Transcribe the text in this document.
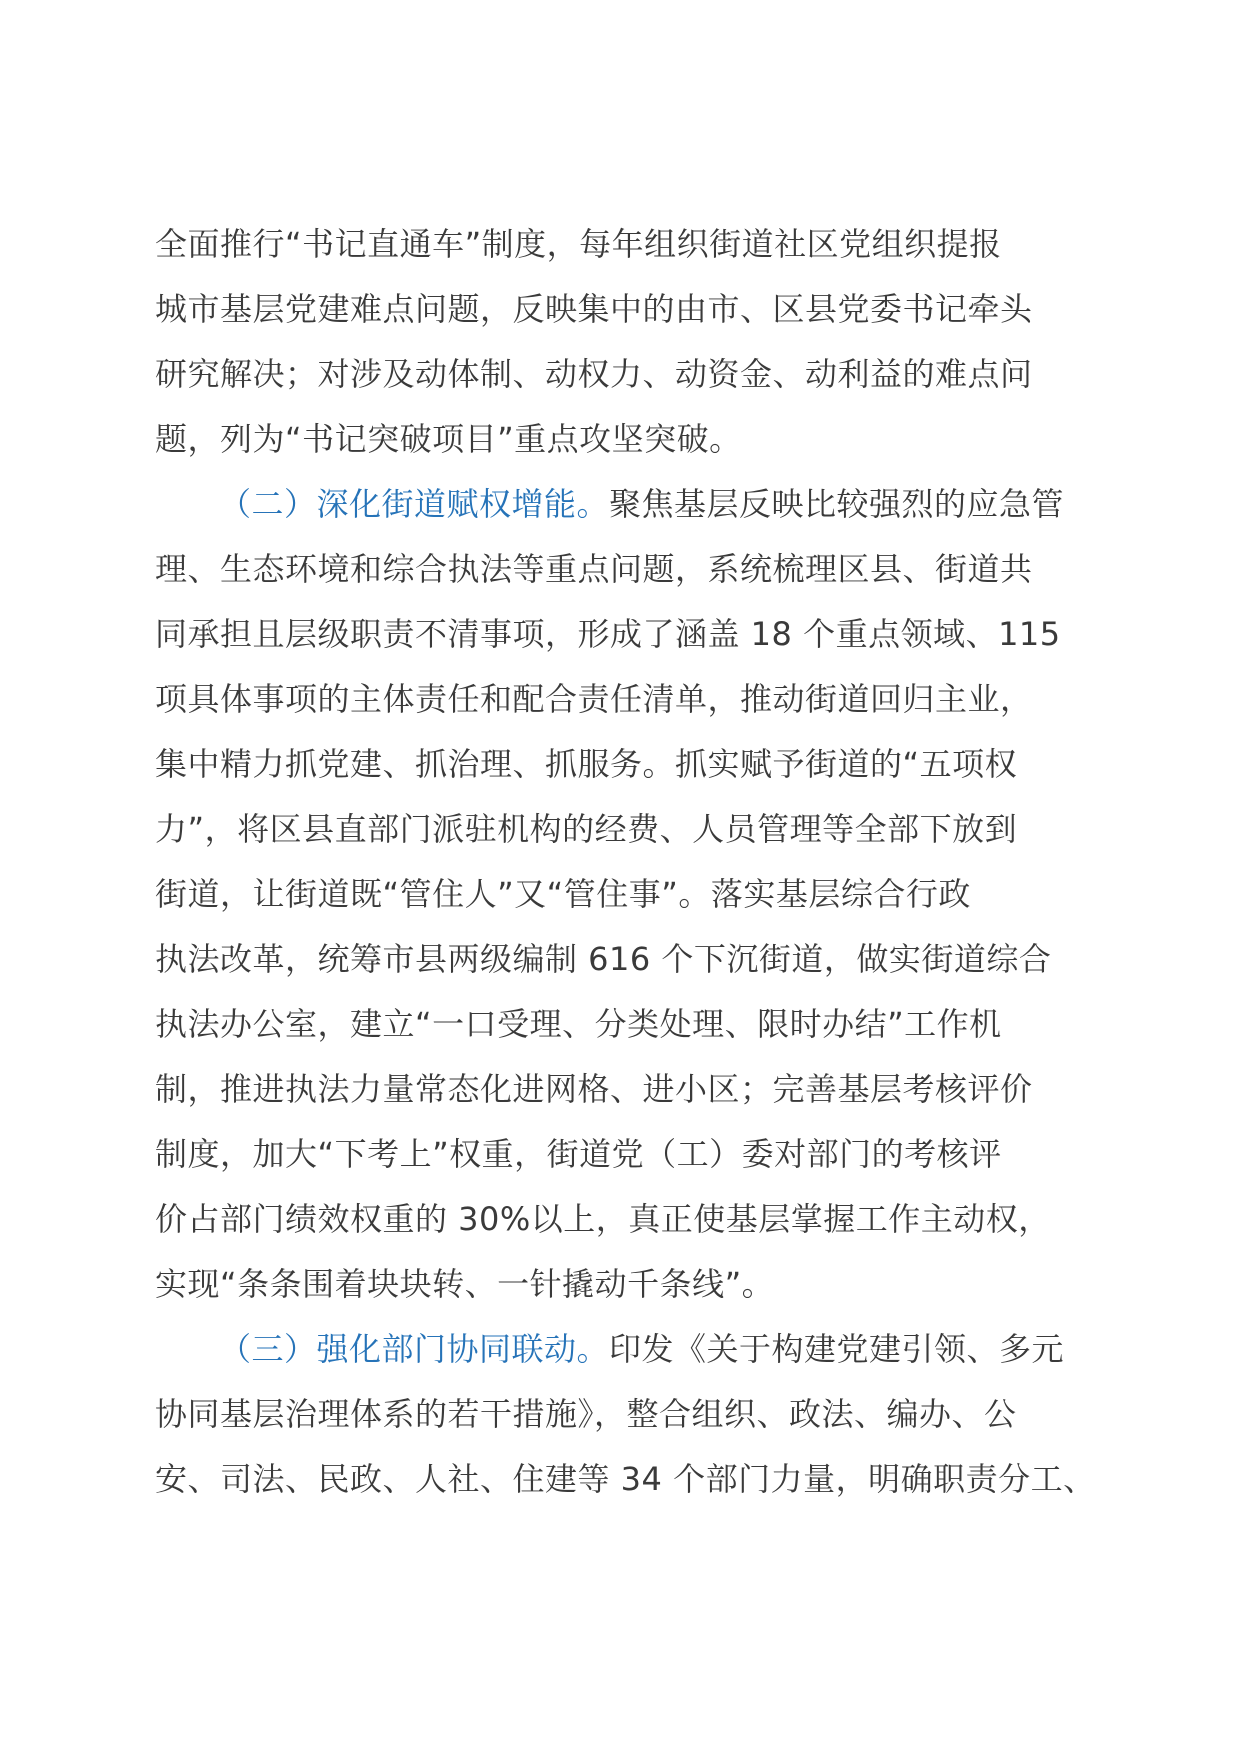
全面推行“书记直通车”制度，每年组织街道社区党组织提报
城市基层党建难点问题，反映集中的由市、区县党委书记牵头
研究解决；对涉及动体制、动权力、动资金、动利益的难点问
题，列为“书记突破项目”重点攻坚突破。
（二）深化街道赋权增能。聚焦基层反映比较强烈的应急管
理、生态环境和综合执法等重点问题，系统梳理区县、街道共
同承担且层级职责不清事项，形成了涵盖 18 个重点领域、115
项具体事项的主体责任和配合责任清单，推动街道回归主业，
集中精力抓党建、抓治理、抓服务。抓实赋予街道的“五项权
力”，将区县直部门派驻机构的经费、人员管理等全部下放到
街道，让街道既“管住人”又“管住事”。落实基层综合行政
执法改革，统筹市县两级编制 616 个下沉街道，做实街道综合
执法办公室，建立“一口受理、分类处理、限时办结”工作机
制，推进执法力量常态化进网格、进小区；完善基层考核评价
制度，加大“下考上”权重，街道党（工）委对部门的考核评
价占部门绩效权重的 30%以上，真正使基层掌握工作主动权，
实现“条条围着块块转、一针撬动千条线”。
（三）强化部门协同联动。印发《关于构建党建引领、多元
协同基层治理体系的若干措施》，整合组织、政法、编办、公
安、司法、民政、人社、住建等 34 个部门力量，明确职责分工、
